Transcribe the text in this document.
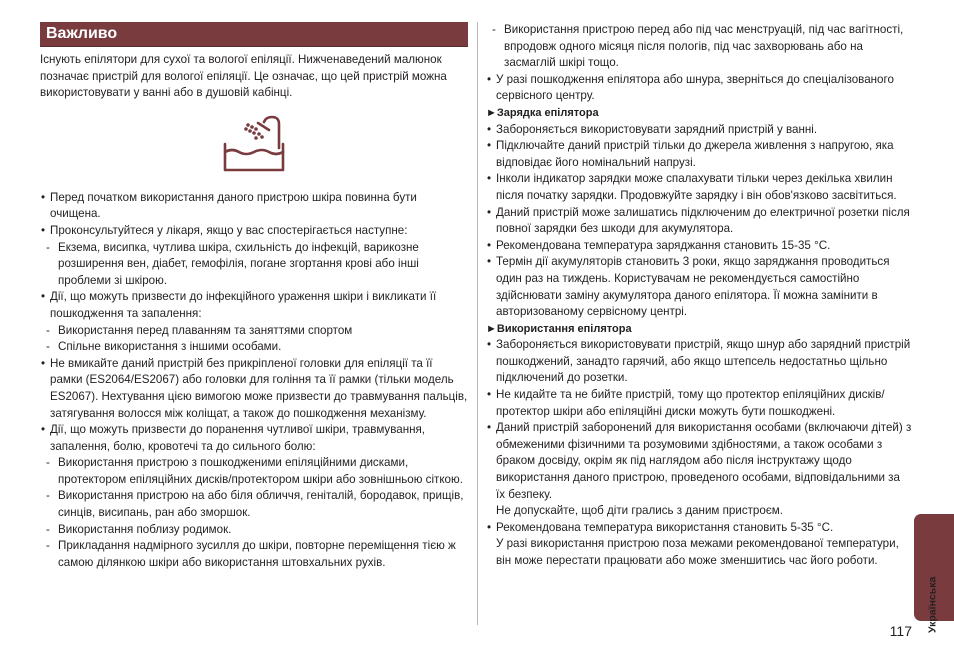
Важливо

Існують епілятори для сухої та вологої епіляції. Нижченаведений малюнок позначає пристрій для вологої епіляції. Це означає, що цей пристрій можна використовувати у ванні або в душовій кабінці.

• Перед початком використання даного пристрою шкіра повинна бути очищена.

• Проконсультуйтеся у лікаря, якщо у вас спостерігається наступне:

- Екзема, висипка, чутлива шкіра, схильність до інфекцій, варикозне розширення вен, діабет, гемофілія, погане згортання крові або інші проблеми зі шкірою.

• Дії, що можуть призвести до інфекційного ураження шкіри і викликати її пошкодження та запалення:

- Використання перед плаванням та заняттями спортом

- Спільне використання з іншими особами.

• Не вмикайте даний пристрій без прикріпленої головки для епіляції та її рамки (ES2064/ES2067) або головки для гоління та її рамки (тільки модель ES2067). Нехтування цією вимогою може призвести до травмування пальців, затягування волосся між коліщат, а також до пошкодження механізму.

• Дії, що можуть призвести до поранення чутливої шкіри, травмування, запалення, болю, кровотечі та до сильного болю:

- Використання пристрою з пошкодженими епіляційними дисками, протектором епіляційних дисків/протектором шкіри або зовнішньою сіткою.

- Використання пристрою на або біля обличчя, геніталій, бородавок, прищів, синців, висипань, ран або зморшок.

- Використання поблизу родимок.

- Прикладання надмірного зусилля до шкіри, повторне переміщення тією ж самою ділянкою шкіри або використання штовхальних рухів.

- Використання пристрою перед або під час менструацій, під час вагітності, впродовж одного місяця після пологів, під час захворювань або на засмаглій шкірі тощо.

• У разі пошкодження епілятора або шнура, зверніться до спеціалізованого сервісного центру.

►Зарядка епілятора

• Забороняється використовувати зарядний пристрій у ванні.

• Підключайте даний пристрій тільки до джерела живлення з напругою, яка відповідає його номінальний напрузі.

• Інколи індикатор зарядки може спалахувати тільки через декілька хвилин після початку зарядки. Продовжуйте зарядку і він обов'язково засвітиться.

• Даний пристрій може залишатись підключеним до електричної розетки після повної зарядки без шкоди для акумулятора.

• Рекомендована температура заряджання становить 15-35 °C.

• Термін дії акумуляторів становить 3 роки, якщо заряджання проводиться один раз на тиждень. Користувачам не рекомендується самостійно здійснювати заміну акумулятора даного епілятора. Її можна замінити в авторизованому сервісному центрі.

►Використання епілятора

• Забороняється використовувати пристрій, якщо шнур або зарядний пристрій пошкоджений, занадто гарячий, або якщо штепсель недостатньо щільно підключений до розетки.

• Не кидайте та не бийте пристрій, тому що протектор епіляційних дисків/протектор шкіри або епіляційні диски можуть бути пошкоджені.

• Даний пристрій заборонений для використання особами (включаючи дітей) з обмеженими фізичними та розумовими здібностями, а також особами з браком досвіду, окрім як під наглядом або після інструктажу щодо використання даного пристрою, проведеного особами, відповідальними за їх безпеку.

Не допускайте, щоб діти грались з даним пристроєм.

• Рекомендована температура використання становить 5-35 °C.

У разі використання пристрою поза межами рекомендованої температури, він може перестати працювати або може зменшитись час його роботи.

Українська
117
